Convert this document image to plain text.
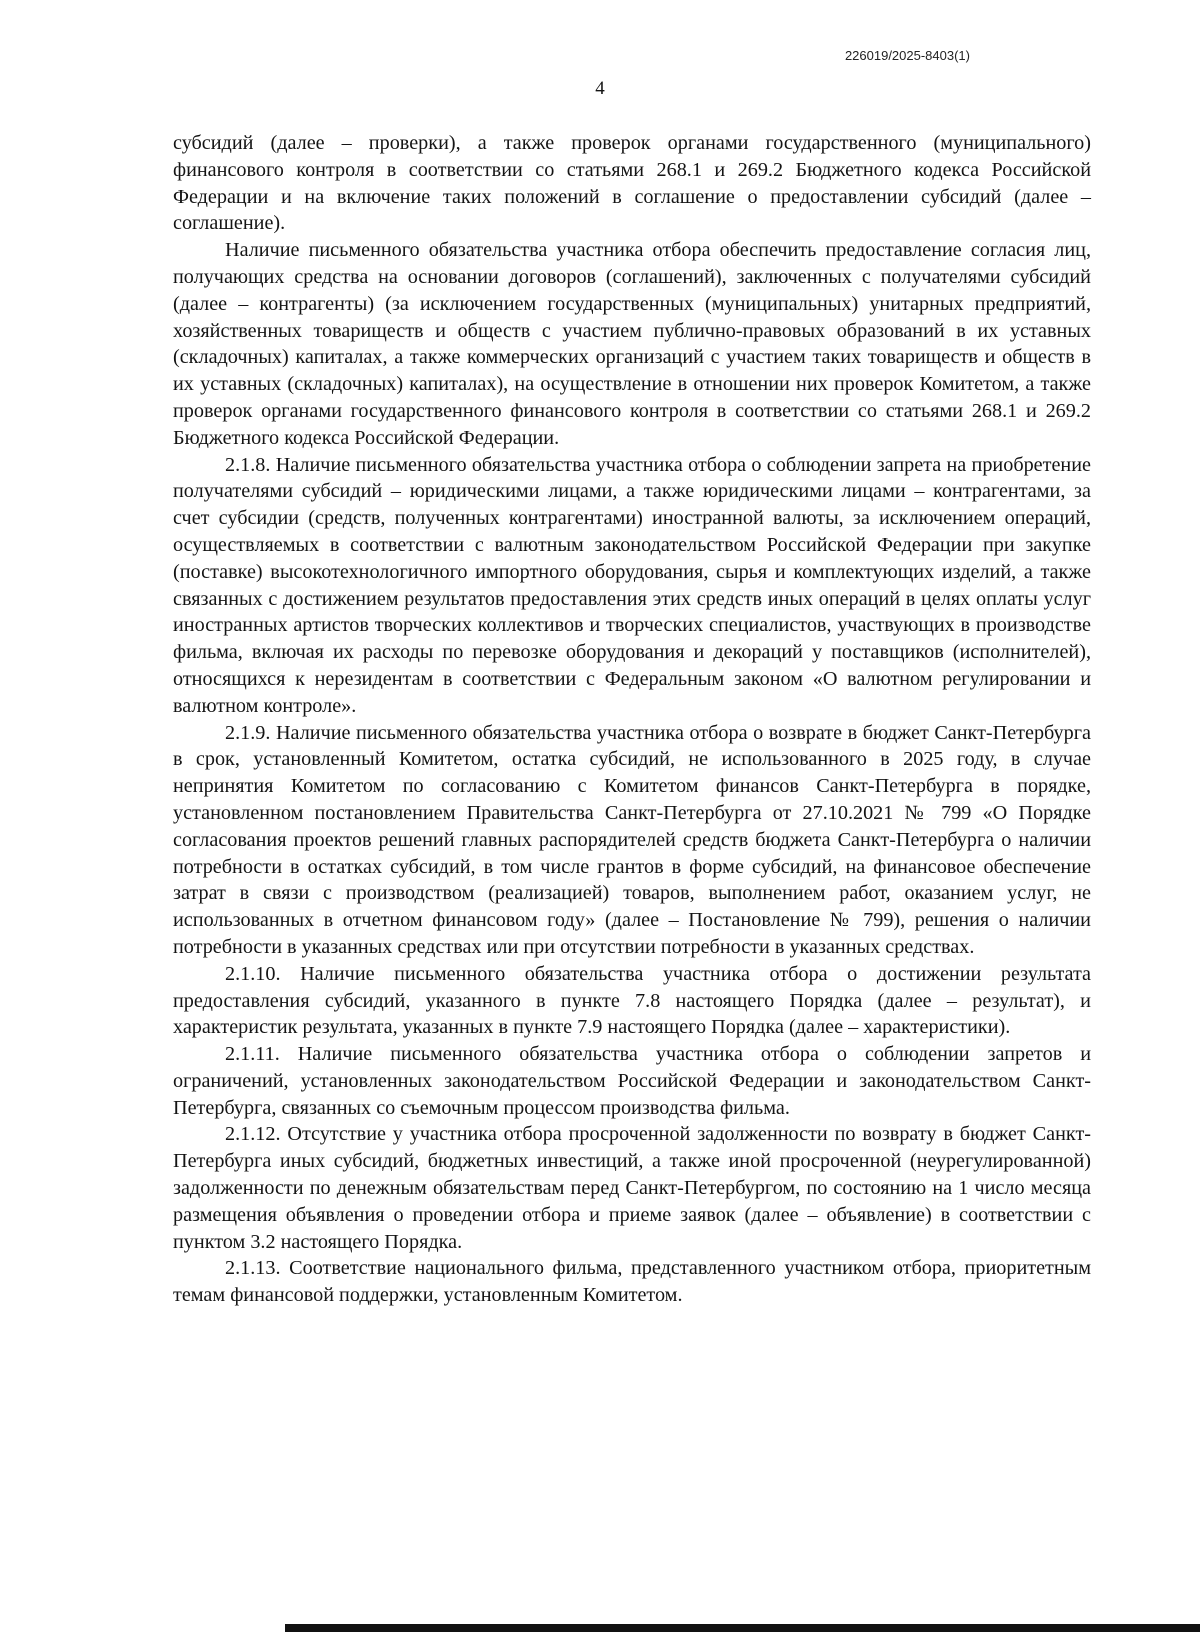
226019/2025-8403(1)
4

субсидий (далее – проверки), а также проверок органами государственного (муниципального) финансового контроля в соответствии со статьями 268.1 и 269.2 Бюджетного кодекса Российской Федерации и на включение таких положений в соглашение о предоставлении субсидий (далее – соглашение).

Наличие письменного обязательства участника отбора обеспечить предоставление согласия лиц, получающих средства на основании договоров (соглашений), заключенных с получателями субсидий (далее – контрагенты) (за исключением государственных (муниципальных) унитарных предприятий, хозяйственных товариществ и обществ с участием публично-правовых образований в их уставных (складочных) капиталах, а также коммерческих организаций с участием таких товариществ и обществ в их уставных (складочных) капиталах), на осуществление в отношении них проверок Комитетом, а также проверок органами государственного финансового контроля в соответствии со статьями 268.1 и 269.2 Бюджетного кодекса Российской Федерации.

2.1.8. Наличие письменного обязательства участника отбора о соблюдении запрета на приобретение получателями субсидий – юридическими лицами, а также юридическими лицами – контрагентами, за счет субсидии (средств, полученных контрагентами) иностранной валюты, за исключением операций, осуществляемых в соответствии с валютным законодательством Российской Федерации при закупке (поставке) высокотехнологичного импортного оборудования, сырья и комплектующих изделий, а также связанных с достижением результатов предоставления этих средств иных операций в целях оплаты услуг иностранных артистов творческих коллективов и творческих специалистов, участвующих в производстве фильма, включая их расходы по перевозке оборудования и декораций у поставщиков (исполнителей), относящихся к нерезидентам в соответствии с Федеральным законом «О валютном регулировании и валютном контроле».

2.1.9. Наличие письменного обязательства участника отбора о возврате в бюджет Санкт-Петербурга в срок, установленный Комитетом, остатка субсидий, не использованного в 2025 году, в случае непринятия Комитетом по согласованию с Комитетом финансов Санкт-Петербурга в порядке, установленном постановлением Правительства Санкт-Петербурга от 27.10.2021 № 799 «О Порядке согласования проектов решений главных распорядителей средств бюджета Санкт-Петербурга о наличии потребности в остатках субсидий, в том числе грантов в форме субсидий, на финансовое обеспечение затрат в связи с производством (реализацией) товаров, выполнением работ, оказанием услуг, не использованных в отчетном финансовом году» (далее – Постановление № 799), решения о наличии потребности в указанных средствах или при отсутствии потребности в указанных средствах.

2.1.10. Наличие письменного обязательства участника отбора о достижении результата предоставления субсидий, указанного в пункте 7.8 настоящего Порядка (далее – результат), и характеристик результата, указанных в пункте 7.9 настоящего Порядка (далее – характеристики).

2.1.11. Наличие письменного обязательства участника отбора о соблюдении запретов и ограничений, установленных законодательством Российской Федерации и законодательством Санкт-Петербурга, связанных со съемочным процессом производства фильма.

2.1.12. Отсутствие у участника отбора просроченной задолженности по возврату в бюджет Санкт-Петербурга иных субсидий, бюджетных инвестиций, а также иной просроченной (неурегулированной) задолженности по денежным обязательствам перед Санкт-Петербургом, по состоянию на 1 число месяца размещения объявления о проведении отбора и приеме заявок (далее – объявление) в соответствии с пунктом 3.2 настоящего Порядка.

2.1.13. Соответствие национального фильма, представленного участником отбора, приоритетным темам финансовой поддержки, установленным Комитетом.
